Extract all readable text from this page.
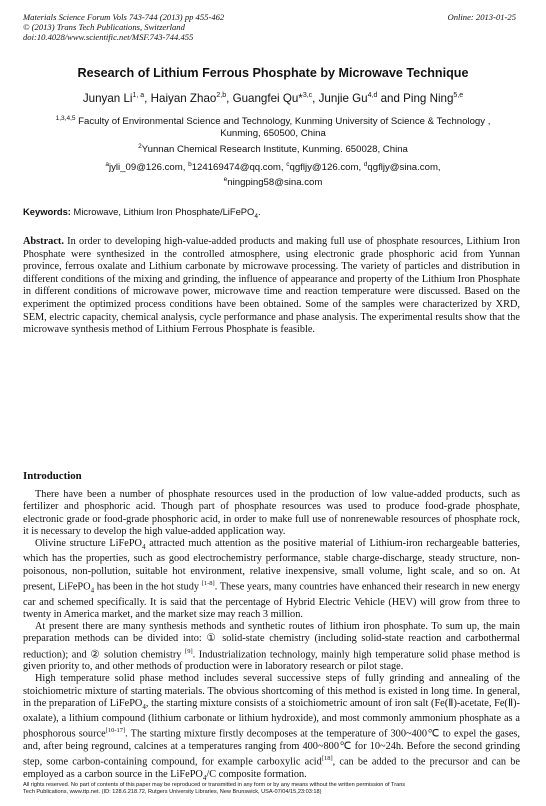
Materials Science Forum Vols 743-744 (2013) pp 455-462
© (2013) Trans Tech Publications, Switzerland
doi:10.4028/www.scientific.net/MSF.743-744.455
Online: 2013-01-25
Research of Lithium Ferrous Phosphate by Microwave Technique
Junyan Li$^{1, a}$, Haiyan Zhao$^{2,b}$, Guangfei Qu*$^{3,c}$, Junjie Gu$^{4,d}$ and Ping Ning$^{5,e}$
$^{1,3,4,5}$ Faculty of Environmental Science and Technology, Kunming University of Science & Technology , Kunming, 650500, China
$^2$Yunnan Chemical Research Institute, Kunming. 650028, China
$^a$jyli_09@126.com, $^b$124169474@qq.com, $^c$qgfljy@126.com, $^d$qgfljy@sina.com,
$^e$ningping58@sina.com
Keywords: Microwave, Lithium Iron Phosphate/LiFePO$_4$.

Abstract. In order to developing high-value-added products and making full use of phosphate resources, Lithium Iron Phosphate were synthesized in the controlled atmosphere, using electronic grade phosphoric acid from Yunnan province, ferrous oxalate and Lithium carbonate by microwave processing. The variety of particles and distribution in different conditions of the mixing and grinding, the influence of appearance and property of the Lithium Iron Phosphate in different conditions of microwave power, microwave time and reaction temperature were discussed. Based on the experiment the optimized process conditions have been obtained. Some of the samples were characterized by XRD, SEM, electric capacity, chemical analysis, cycle performance and phase analysis. The experimental results show that the microwave synthesis method of Lithium Ferrous Phosphate is feasible.

Introduction

There have been a number of phosphate resources used in the production of low value-added products, such as fertilizer and phosphoric acid. Though part of phosphate resources was used to produce food-grade phosphate, electronic grade or food-grade phosphoric acid, in order to make full use of nonrenewable resources of phosphate rock, it is necessary to develop the high value-added application way.

Olivine structure LiFePO$_4$ attracted much attention as the positive material of Lithium-iron rechargeable batteries, which has the properties, such as good electrochemistry performance, stable charge-discharge, steady structure, non-poisonous, non-pollution, suitable hot environment, relative inexpensive, small volume, light scale, and so on. At present, LiFePO$_4$ has been in the hot study [1-8]. These years, many countries have enhanced their research in new energy car and schemed specifically. It is said that the percentage of Hybrid Electric Vehicle (HEV) will grow from three to twenty in America market, and the market size may reach 3 million.

At present there are many synthesis methods and synthetic routes of lithium iron phosphate. To sum up, the main preparation methods can be divided into: ① solid-state chemistry (including solid-state reaction and carbothermal reduction); and ② solution chemistry [9]. Industrialization technology, mainly high temperature solid phase method is given priority to, and other methods of production were in laboratory research or pilot stage.

High temperature solid phase method includes several successive steps of fully grinding and annealing of the stoichiometric mixture of starting materials. The obvious shortcoming of this method is existed in long time. In general, in the preparation of LiFePO$_4$, the starting mixture consists of a stoichiometric amount of iron salt (Fe(Ⅱ)-acetate, Fe(Ⅱ)-oxalate), a lithium compound (lithium carbonate or lithium hydroxide), and most commonly ammonium phosphate as a phosphorous source[10-17]. The starting mixture firstly decomposes at the temperature of 300~400℃ to expel the gases, and, after being reground, calcines at a temperatures ranging from 400~800℃ for 10~24h. Before the second grinding step, some carbon-containing compound, for example carboxylic acid[18], can be added to the precursor and can be employed as a carbon source in the LiFePO$_4$/C composite formation.

All rights reserved. No part of contents of this paper may be reproduced or transmitted in any form or by any means without the written permission of Trans
Tech Publications, www.ttp.net. (ID: 128.6.218.72, Rutgers University Libraries, New Brunswick, USA-07/04/15,23:03:18)
